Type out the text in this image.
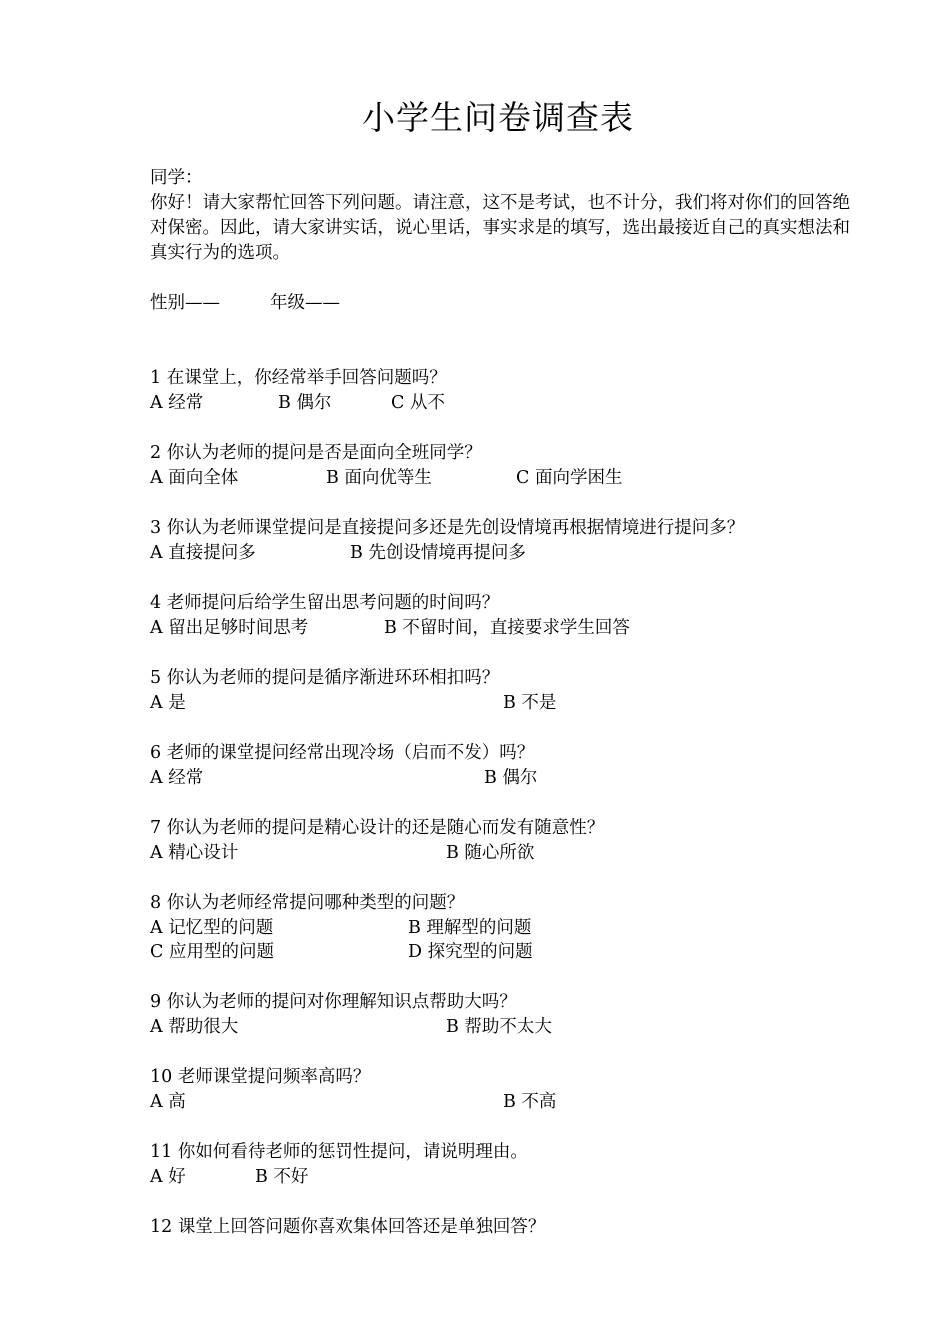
小学生问卷调查表
同学：
你好！请大家帮忙回答下列问题。请注意，这不是考试，也不计分，我们将对你们的回答绝对保密。因此，请大家讲实话，说心里话，事实求是的填写，选出最接近自己的真实想法和真实行为的选项。
性别——	年级——
1 在课堂上，你经常举手回答问题吗？
A 经常	B 偶尔	C 从不
2 你认为老师的提问是否是面向全班同学？
A 面向全体	B 面向优等生	C 面向学困生
3 你认为老师课堂提问是直接提问多还是先创设情境再根据情境进行提问多？
A 直接提问多	B 先创设情境再提问多
4 老师提问后给学生留出思考问题的时间吗？
A 留出足够时间思考	B 不留时间，直接要求学生回答
5 你认为老师的提问是循序渐进环环相扣吗？
A 是	B 不是
6 老师的课堂提问经常出现冷场（启而不发）吗？
A 经常	B 偶尔
7 你认为老师的提问是精心设计的还是随心而发有随意性？
A 精心设计	B 随心所欲
8 你认为老师经常提问哪种类型的问题？
A 记忆型的问题	B 理解型的问题
C 应用型的问题	D 探究型的问题
9 你认为老师的提问对你理解知识点帮助大吗？
A 帮助很大	B 帮助不太大
10 老师课堂提问频率高吗？
A 高	B 不高
11 你如何看待老师的惩罚性提问，请说明理由。
A 好	B 不好
12 课堂上回答问题你喜欢集体回答还是单独回答？
